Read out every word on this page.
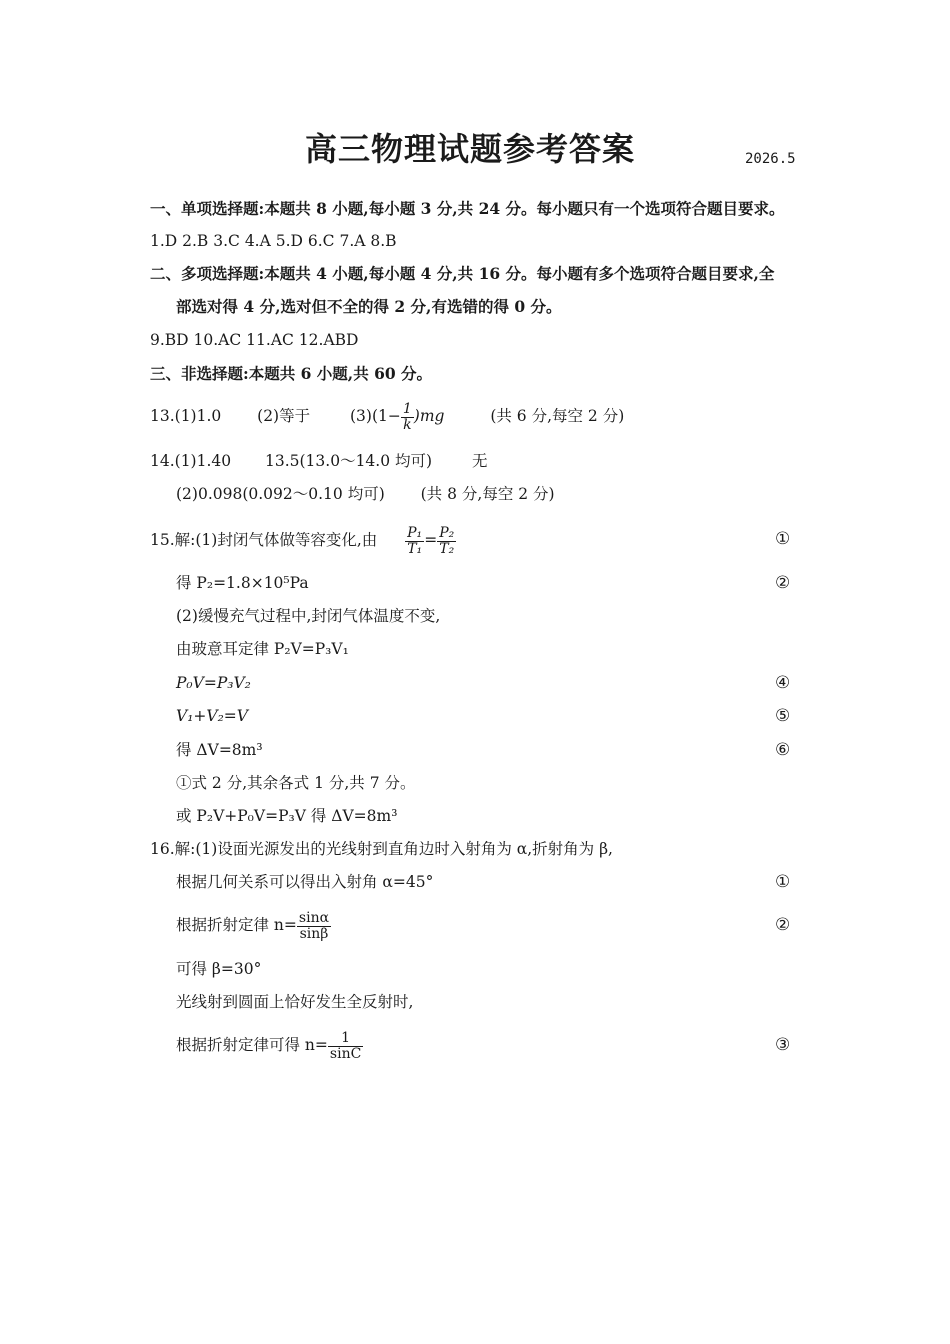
高三物理试题参考答案	2026.5
一、单项选择题:本题共 8 小题,每小题 3 分,共 24 分。每小题只有一个选项符合题目要求。
1.D 2.B 3.C 4.A 5.D 6.C 7.A 8.B
二、多项选择题:本题共 4 小题,每小题 4 分,共 16 分。每小题有多个选项符合题目要求,全
部选对得 4 分,选对但不全的得 2 分,有选错的得 0 分。
9.BD 10.AC 11.AC 12.ABD
三、非选择题:本题共 6 小题,共 60 分。
13.(1)1.0 (2)等于	$(3)(1- \frac{1}{k} )mg$	(共 6 分,每空 2 分)
14.(1)1.40 13.5(13.0～14.0 均可)	无
(2)0.098(0.092～0.10 均可) (共 8 分,每空 2 分)
15.解:(1)封闭气体做等容变化,由 $\frac{\text{P₁}}{\text{T₁}} = \frac{\text{P₂}}{\text{T₂}}$	①
得 P₂=1.8×10⁵Pa	②
(2)缓慢充气过程中,封闭气体温度不变,
由玻意耳定律 P₂V=P₃V₁
P₀V=P₃V₂	④
V₁+V₂=V	⑤
得 ΔV=8m³	⑥
①式 2 分,其余各式 1 分,共 7 分。
或 P₂V+P₀V=P₃V 得 ΔV=8m³
16.解:(1)设面光源发出的光线射到直角边时入射角为 α,折射角为 β,
根据几何关系可以得出入射角 α=45°	①
根据折射定律 $n= \frac{\sin\alpha}{\sin\beta}$	②
可得 β=30°
光线射到圆面上恰好发生全反射时,
根据折射定律可得 $n= \frac{1}{\sin C}$	③
